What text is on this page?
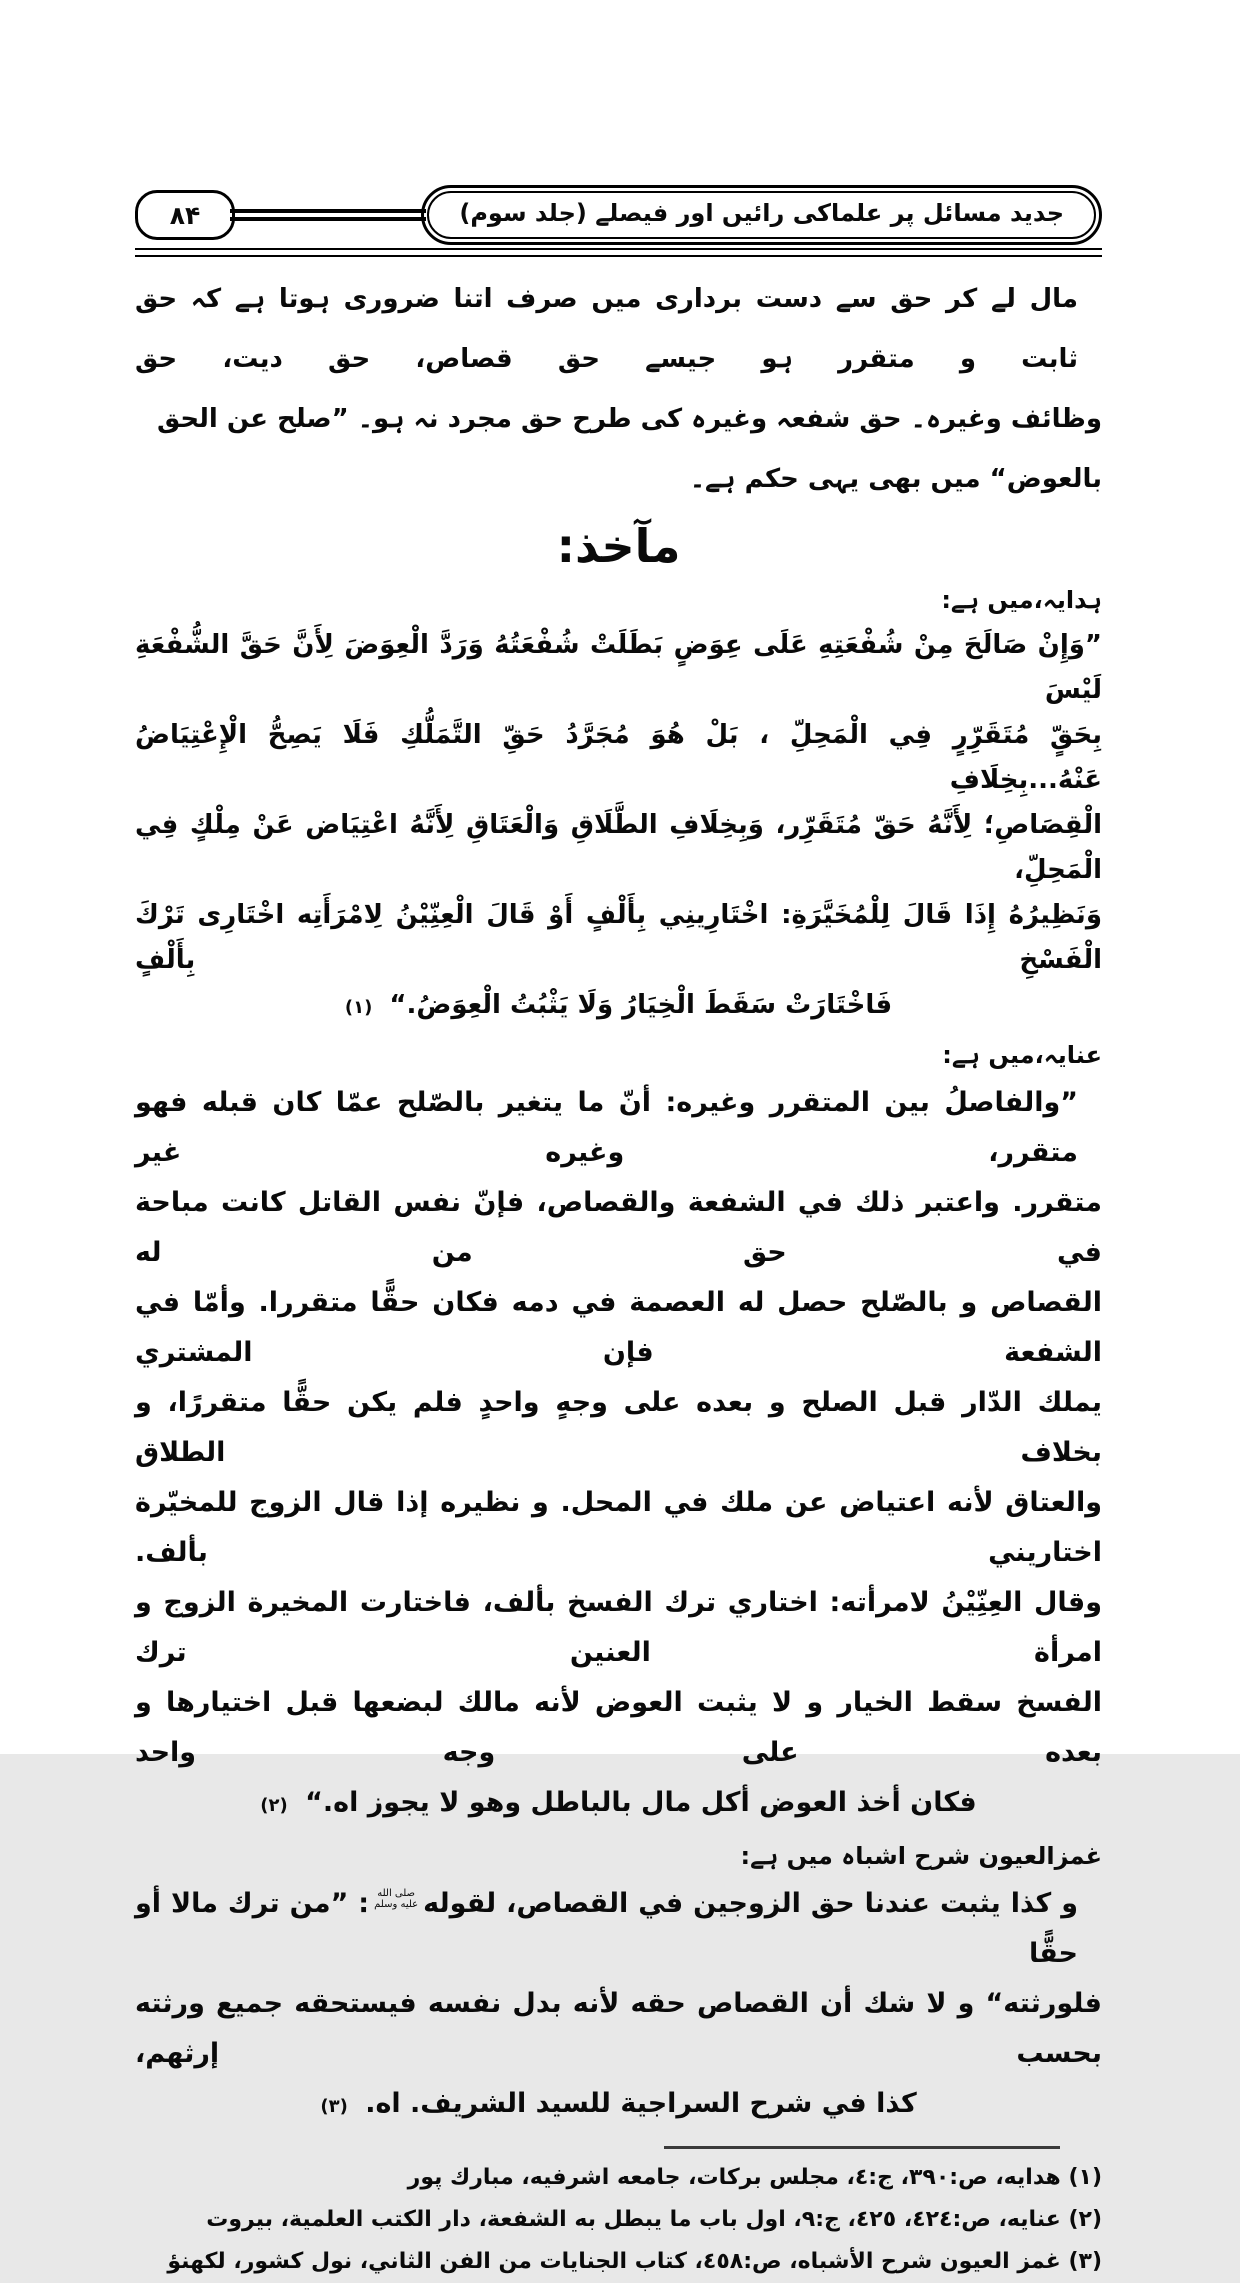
جدید مسائل پر علماکی رائیں اور فیصلے (جلد سوم)
۸۴
مال لے کر حق سے دست برداری میں صرف اتنا ضروری ہوتا ہے کہ حق ثابت و متقرر ہو جیسے حق قصاص، حق دیت، حق
وظائف وغیرہ۔ حق شفعہ وغیرہ کی طرح حق مجرد نہ ہو۔ ”صلح عن الحق بالعوض“ میں بھی یہی حکم ہے۔
مآخذ:
ہدایہ،میں ہے:
”وَإِنْ صَالَحَ مِنْ شُفْعَتِهِ عَلَى عِوَضٍ بَطَلَتْ شُفْعَتُهُ وَرَدَّ الْعِوَضَ لِأَنَّ حَقَّ الشُّفْعَةِ لَيْسَ
بِحَقٍّ مُتَقَرِّرٍ فِي الْمَحِلِّ ، بَلْ هُوَ مُجَرَّدُ حَقِّ التَّمَلُّكِ فَلَا يَصِحُّ الْإِعْتِيَاضُ عَنْهُ...بِخِلَافِ
الْقِصَاصِ؛ لِأَنَّهُ حَقّ مُتَقَرِّر، وَبِخِلَافِ الطَّلَاقِ وَالْعَتَاقِ لِأَنَّهُ اعْتِيَاض عَنْ مِلْكٍ فِي الْمَحِلِّ،
وَنَظِيرُهُ إِذَا قَالَ لِلْمُخَيَّرَةِ: اخْتَارِينِي بِأَلْفٍ أَوْ قَالَ الْعِنِّيْنُ لِامْرَأَتِه اخْتَارِى تَرْكَ الْفَسْخِ بِأَلْفٍ
فَاخْتَارَتْ سَقَطَ الْخِيَارُ وَلَا يَثْبُتُ الْعِوَضُ.“ (١)
عنایہ،میں ہے:
”والفاصلُ بين المتقرر وغيره: أنّ ما يتغير بالصّلح عمّا كان قبله فهو متقرر، وغيره غير
متقرر. واعتبر ذلك في الشفعة والقصاص، فإنّ نفس القاتل كانت مباحة في حق من له
القصاص و بالصّلح حصل له العصمة في دمه فكان حقًّا متقررا. وأمّا في الشفعة فإن المشتري
يملك الدّار قبل الصلح و بعده على وجهٍ واحدٍ فلم يكن حقًّا متقررًا، و بخلاف الطلاق
والعتاق لأنه اعتياض عن ملك في المحل. و نظيره إذا قال الزوج للمخيّرة اختاريني بألف.
وقال العِنِّيْنُ لامرأته: اختاري ترك الفسخ بألف، فاختارت المخيرة الزوج و امرأة العنين ترك
الفسخ سقط الخيار و لا يثبت العوض لأنه مالك لبضعها قبل اختيارها و بعده على وجه واحد
فكان أخذ العوض أكل مال بالباطل وهو لا يجوز اه.“ (٢)
غمزالعیون شرح اشباہ میں ہے:
و كذا يثبت عندنا حق الزوجين في القصاص، لقوله
صلى الله
عليه وسلم
: ”من ترك مالا أو حقًّا
فلورثته“ و لا شك أن القصاص حقه لأنه بدل نفسه فيستحقه جميع ورثته بحسب إرثهم،
كذا في شرح السراجية للسيد الشريف. اه. (٣)
(١) هدايه، ص:٣٩٠، ج:٤، مجلس بركات، جامعه اشرفيه، مبارك پور
(٢) عنايه، ص:٤٢٤، ٤٢٥، ج:٩، اول باب ما يبطل به الشفعة، دار الكتب العلمية، بيروت
(٣) غمز العيون شرح الأشباه، ص:٤٥٨، كتاب الجنايات من الفن الثاني، نول كشور، لكهنؤ
